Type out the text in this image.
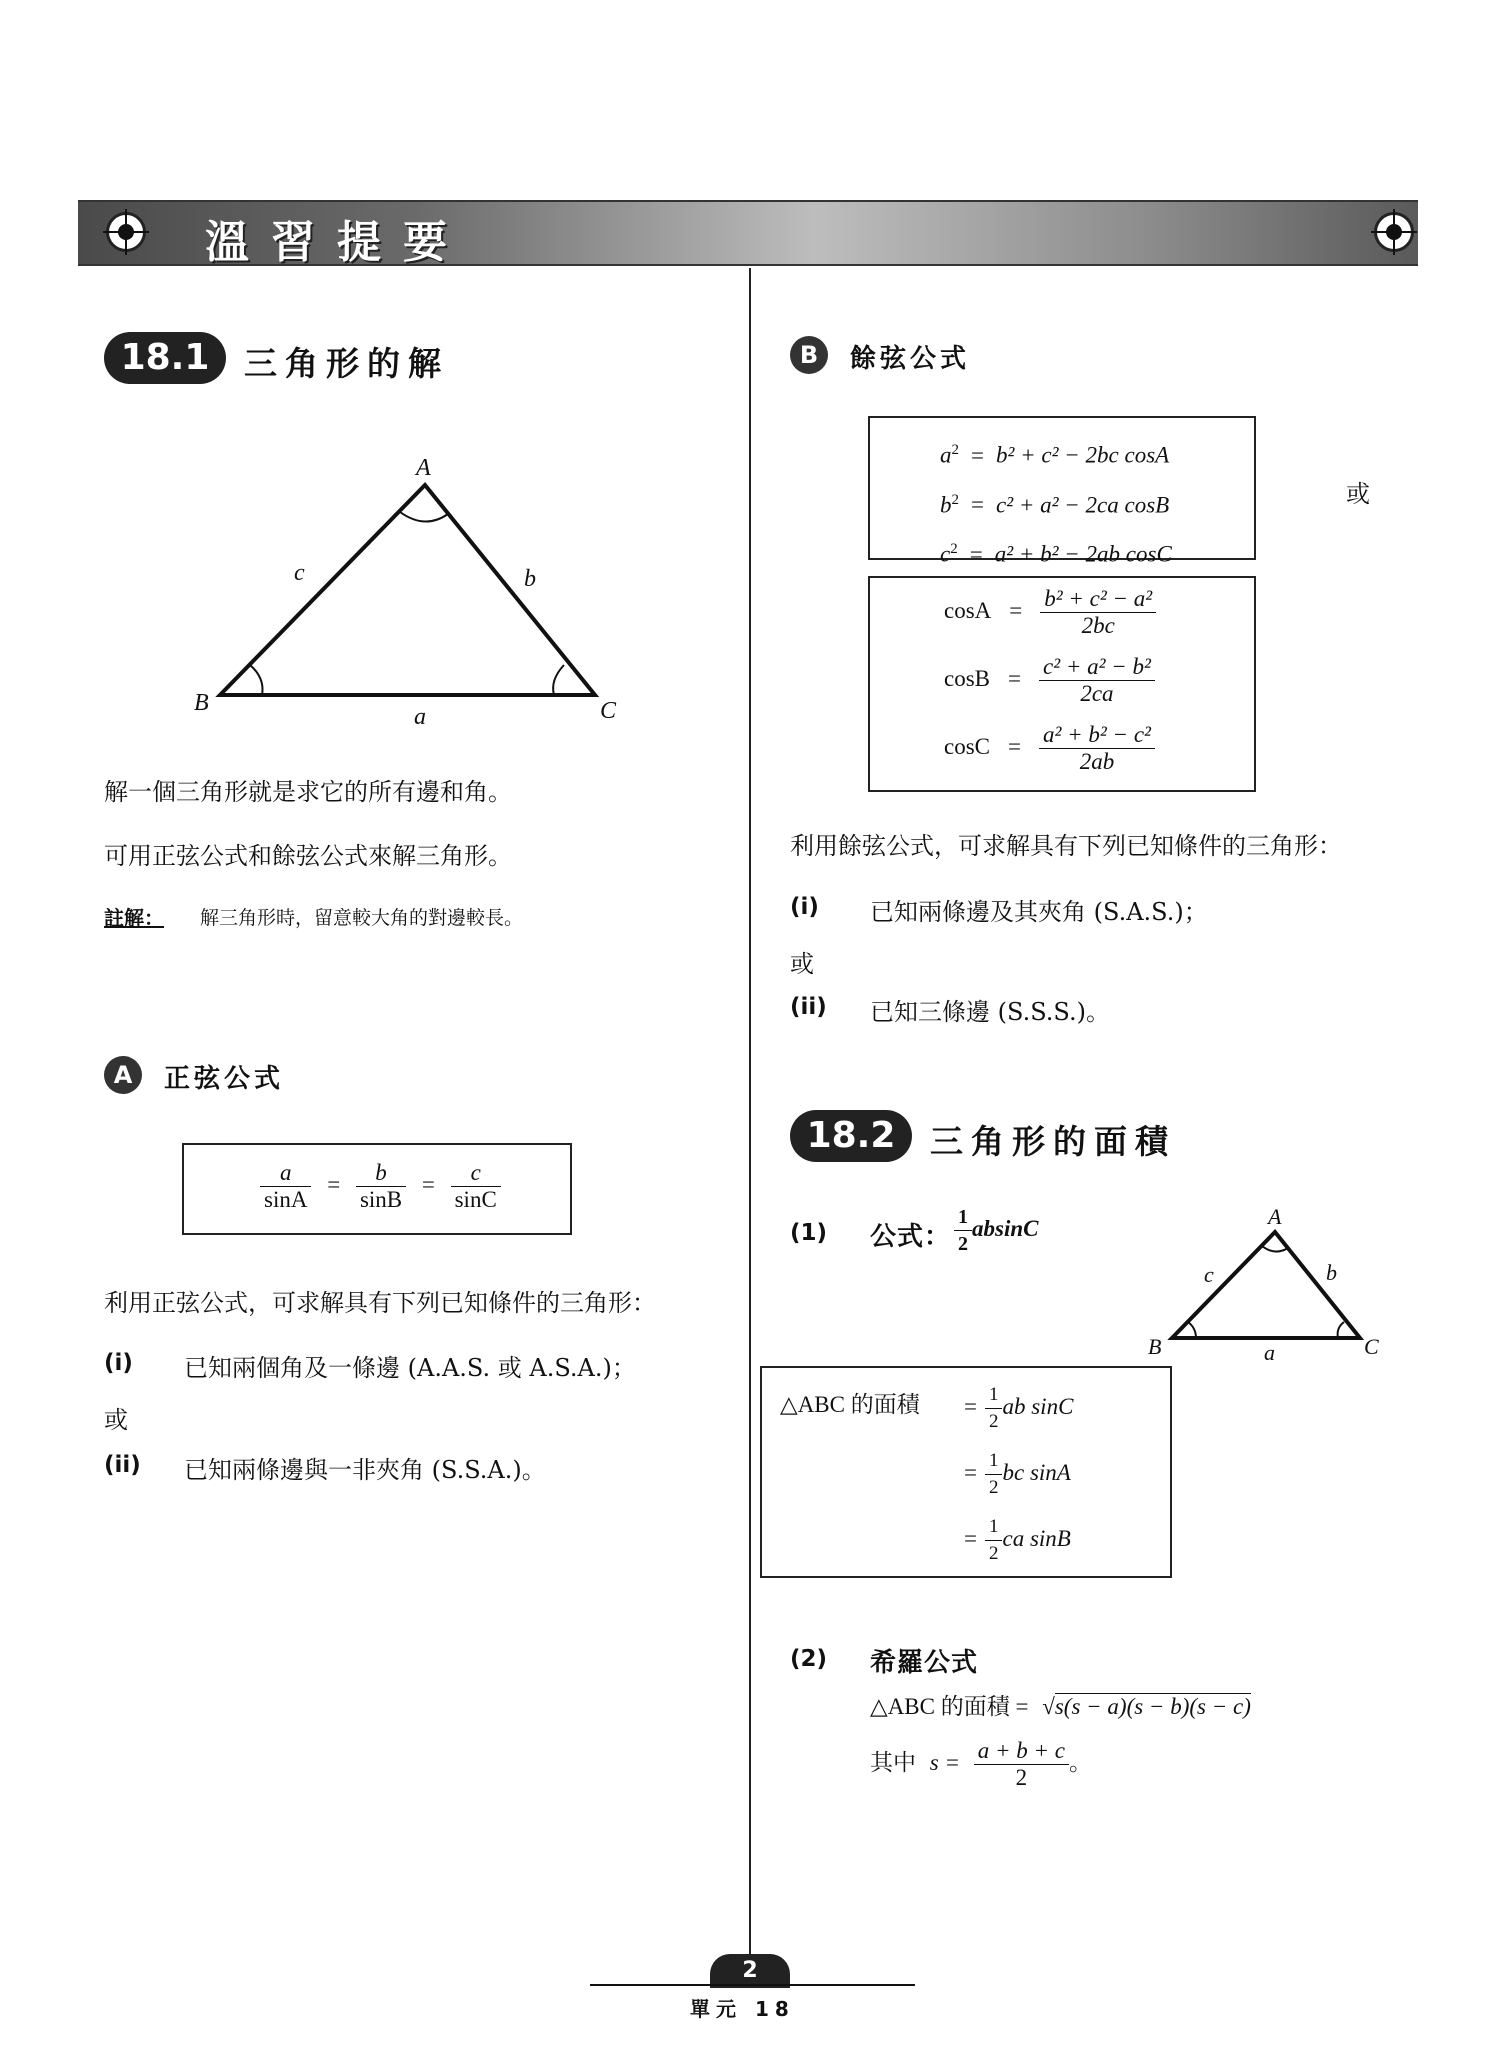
溫習提要
18.1	三角形的解
A
B	C
a
b
c
解一個三角形就是求它的所有邊和角。
可用正弦公式和餘弦公式來解三角形。
註解： 解三角形時，留意較大角的對邊較長。
A	正弦公式
$\frac{a}{\sin A} = \frac{b}{\sin B} = \frac{c}{\sin C}$
利用正弦公式，可求解具有下列已知條件的三角形：
(i) 已知兩個角及一條邊 (A.A.S. 或 A.S.A.)；
或
(ii) 已知兩條邊與一非夾角 (S.S.A.)。
B	餘弦公式
$a^2 = b^2 + c^2 - 2bc$ cosA
$b^2 = c^2 + a^2 - 2ca$ cosB
$c^2 = a^2 + b^2 - 2ab$ cosC
或
$\cos A = \frac{\text{b² + c² − a²}}{2bc}$
$\cos B = \frac{\text{c² + a² − b²}}{2ca}$
$\cos C = \frac{\text{a² + b² − c²}}{2ab}$
利用餘弦公式，可求解具有下列已知條件的三角形：
(i) 已知兩條邊及其夾角 (S.A.S.)；
或
(ii) 已知三條邊 (S.S.S.)。
18.2	三角形的面積
(1) 公式： $\frac{1}{2}$ absinC	A
B	C
a
b
c
△ABC 的面積 = $\frac{1}{2}$ ab sinC
= $\frac{1}{2}$ bc sinA
= $\frac{1}{2}$ ca sinB
(2) 希羅公式
△ABC 的面積 = √s(s − a)(s − b)(s − c)
其中 $s = \frac{a + b + c}{2}$ 。
2
單元 18
